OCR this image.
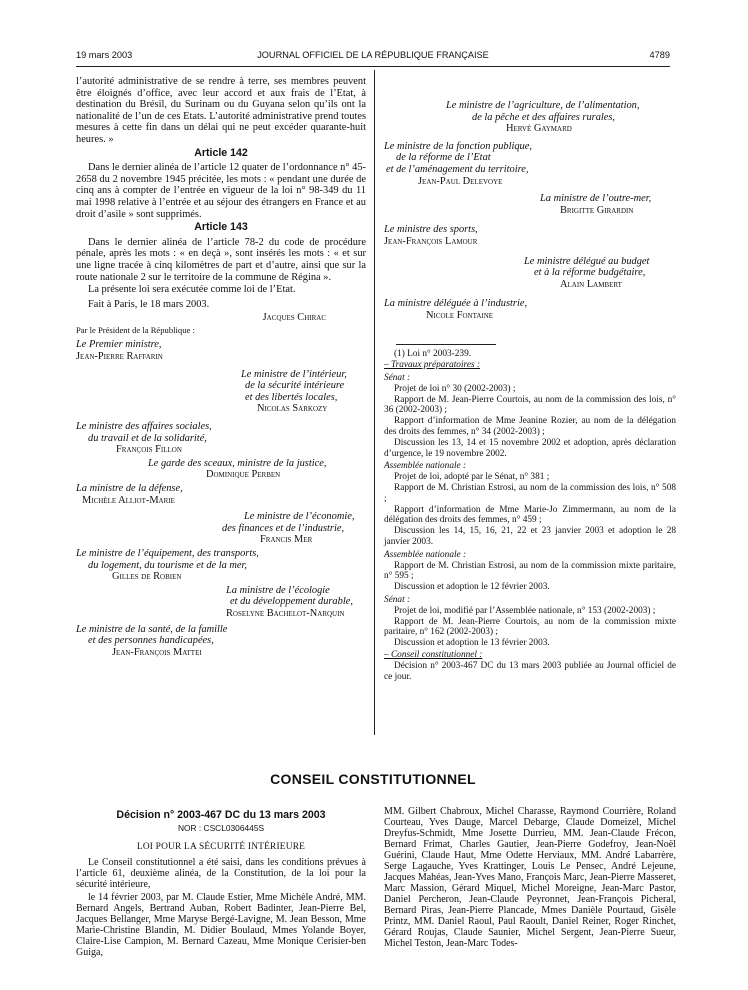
19 mars 2003	JOURNAL OFFICIEL DE LA RÉPUBLIQUE FRANÇAISE	4789

l’autorité administrative de se rendre à terre, ses membres peuvent être éloignés d’office, avec leur accord et aux frais de l’Etat, à destination du Brésil, du Surinam ou du Guyana selon qu’ils ont la nationalité de l’un de ces Etats. L’autorité administrative prend toutes mesures à cette fin dans un délai qui ne peut excéder quarante-huit heures. »

Article 142

Dans le dernier alinéa de l’article 12 quater de l’ordonnance n° 45-2658 du 2 novembre 1945 précitée, les mots : « pendant une durée de cinq ans à compter de l’entrée en vigueur de la loi n° 98-349 du 11 mai 1998 relative à l’entrée et au séjour des étrangers en France et au droit d’asile » sont supprimés.

Article 143

Dans le dernier alinéa de l’article 78-2 du code de procédure pénale, après les mots : « en deçà », sont insérés les mots : « et sur une ligne tracée à cinq kilomètres de part et d’autre, ainsi que sur la route nationale 2 sur le territoire de la commune de Régina ».

La présente loi sera exécutée comme loi de l’Etat.

Fait à Paris, le 18 mars 2003.

Jacques Chirac
Par le Président de la République :
Le Premier ministre,
Jean-Pierre Raffarin
Le ministre de l’intérieur,
de la sécurité intérieure
et des libertés locales,
Nicolas Sarkozy
Le ministre des affaires sociales,
du travail et de la solidarité,
François Fillon
Le garde des sceaux, ministre de la justice,
Dominique Perben
La ministre de la défense,
Michèle Alliot-Marie
Le ministre de l’économie,
des finances et de l’industrie,
Francis Mer
Le ministre de l’équipement, des transports,
du logement, du tourisme et de la mer,
Gilles de Robien
La ministre de l’écologie
et du développement durable,
Roselyne Bachelot-Narquin
Le ministre de la santé, de la famille
et des personnes handicapées,
Jean-François Mattei
Le ministre de l’agriculture, de l’alimentation,
de la pêche et des affaires rurales,
Hervé Gaymard
Le ministre de la fonction publique,
de la réforme de l’Etat
et de l’aménagement du territoire,
Jean-Paul Delevoye
La ministre de l’outre-mer,
Brigitte Girardin
Le ministre des sports,
Jean-François Lamour
Le ministre délégué au budget
et à la réforme budgétaire,
Alain Lambert
La ministre déléguée à l’industrie,
Nicole Fontaine

(1) Loi n° 2003-239.

– Travaux préparatoires :

Sénat :

Projet de loi n° 30 (2002-2003) ;

Rapport de M. Jean-Pierre Courtois, au nom de la commission des lois, n° 36 (2002-2003) ;

Rapport d’information de Mme Jeanine Rozier, au nom de la délégation des droits des femmes, n° 34 (2002-2003) ;

Discussion les 13, 14 et 15 novembre 2002 et adoption, après déclaration d’urgence, le 19 novembre 2002.

Assemblée nationale :

Projet de loi, adopté par le Sénat, n° 381 ;

Rapport de M. Christian Estrosi, au nom de la commission des lois, n° 508 ;

Rapport d’information de Mme Marie-Jo Zimmermann, au nom de la délégation des droits des femmes, n° 459 ;

Discussion les 14, 15, 16, 21, 22 et 23 janvier 2003 et adoption le 28 janvier 2003.

Assemblée nationale :

Rapport de M. Christian Estrosi, au nom de la commission mixte paritaire, n° 595 ;

Discussion et adoption le 12 février 2003.

Sénat :

Projet de loi, modifié par l’Assemblée nationale, n° 153 (2002-2003) ;

Rapport de M. Jean-Pierre Courtois, au nom de la commission mixte paritaire, n° 162 (2002-2003) ;

Discussion et adoption le 13 février 2003.

– Conseil constitutionnel :

Décision n° 2003-467 DC du 13 mars 2003 publiée au Journal officiel de ce jour.

CONSEIL CONSTITUTIONNEL
Décision n° 2003-467 DC du 13 mars 2003
NOR : CSCL0306445S
LOI POUR LA SÉCURITÉ INTÉRIEURE

Le Conseil constitutionnel a été saisi, dans les conditions prévues à l’article 61, deuxième alinéa, de la Constitution, de la loi pour la sécurité intérieure,

le 14 février 2003, par M. Claude Estier, Mme Michèle André, MM. Bernard Angels, Bertrand Auban, Robert Badinter, Jean-Pierre Bel, Jacques Bellanger, Mme Maryse Bergé-Lavigne, M. Jean Besson, Mme Marie-Christine Blandin, M. Didier Boulaud, Mmes Yolande Boyer, Claire-Lise Campion, M. Bernard Cazeau, Mme Monique Cerisier-ben Guiga,

MM. Gilbert Chabroux, Michel Charasse, Raymond Courrière, Roland Courteau, Yves Dauge, Marcel Debarge, Claude Domeizel, Michel Dreyfus-Schmidt, Mme Josette Durrieu, MM. Jean-Claude Frécon, Bernard Frimat, Charles Gautier, Jean-Pierre Godefroy, Jean-Noël Guérini, Claude Haut, Mme Odette Herviaux, MM. André Labarrère, Serge Lagauche, Yves Krattinger, Louis Le Pensec, André Lejeune, Jacques Mahéas, Jean-Yves Mano, François Marc, Jean-Pierre Masseret, Marc Massion, Gérard Miquel, Michel Moreigne, Jean-Marc Pastor, Daniel Percheron, Jean-Claude Peyronnet, Jean-François Picheral, Bernard Piras, Jean-Pierre Plancade, Mmes Danièle Pourtaud, Gisèle Printz, MM. Daniel Raoul, Paul Raoult, Daniel Reiner, Roger Rinchet, Gérard Roujas, Claude Saunier, Michel Sergent, Jean-Pierre Sueur, Michel Teston, Jean-Marc Todes-
